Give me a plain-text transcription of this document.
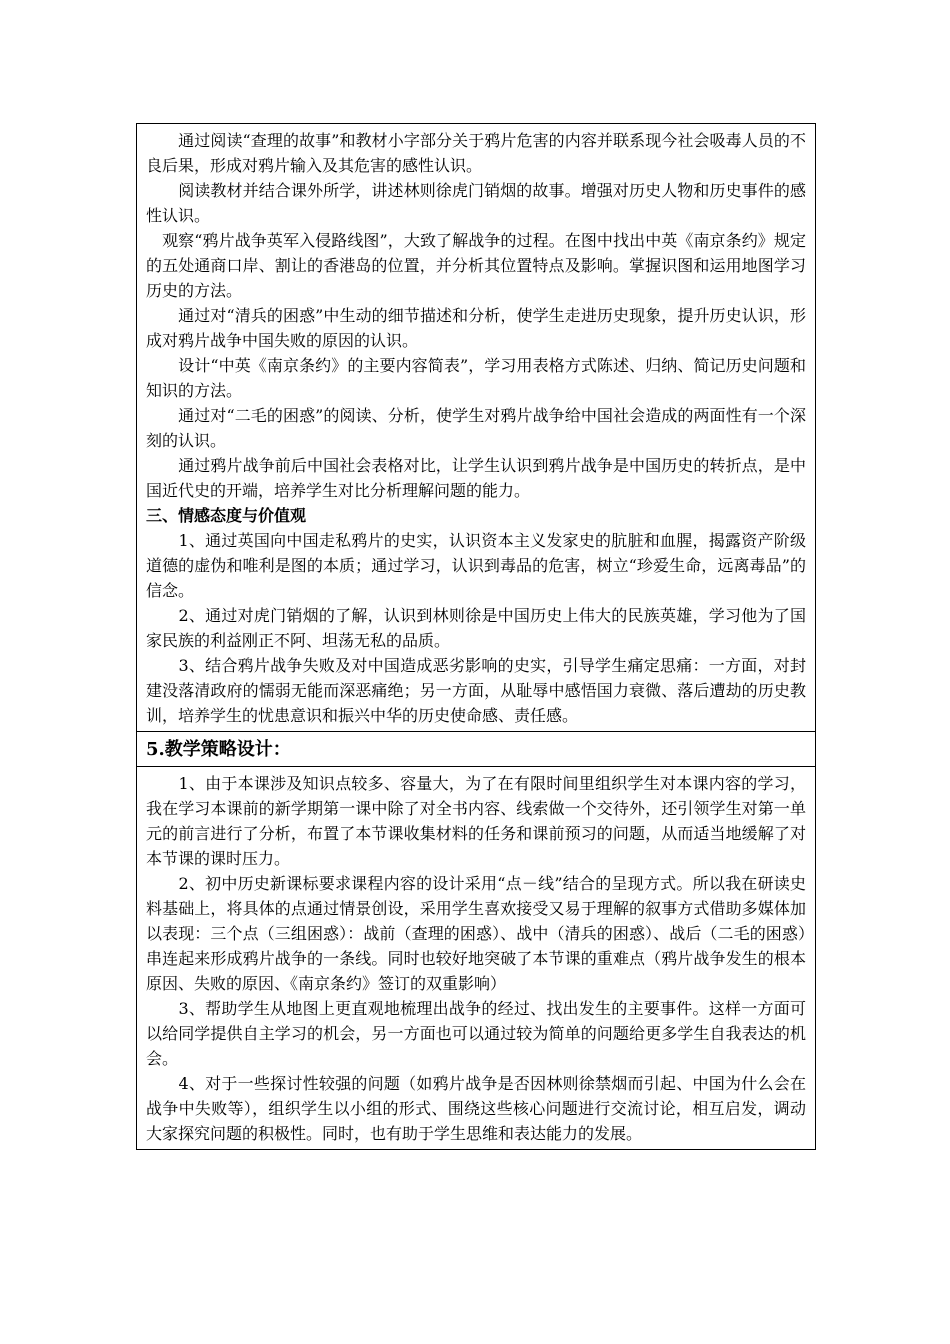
　　通过阅读“查理的故事”和教材小字部分关于鸦片危害的内容并联系现今社会吸毒人员的不良后果，形成对鸦片输入及其危害的感性认识。

　　阅读教材并结合课外所学，讲述林则徐虎门销烟的故事。增强对历史人物和历史事件的感性认识。

　观察“鸦片战争英军入侵路线图”，大致了解战争的过程。在图中找出中英《南京条约》规定的五处通商口岸、割让的香港岛的位置，并分析其位置特点及影响。掌握识图和运用地图学习历史的方法。

　　通过对“清兵的困惑”中生动的细节描述和分析，使学生走进历史现象，提升历史认识，形成对鸦片战争中国失败的原因的认识。

　　设计“中英《南京条约》的主要内容简表”，学习用表格方式陈述、归纳、简记历史问题和知识的方法。

　　通过对“二毛的困惑”的阅读、分析，使学生对鸦片战争给中国社会造成的两面性有一个深刻的认识。

　　通过鸦片战争前后中国社会表格对比，让学生认识到鸦片战争是中国历史的转折点，是中国近代史的开端，培养学生对比分析理解问题的能力。

三、情感态度与价值观

　　1、通过英国向中国走私鸦片的史实，认识资本主义发家史的肮脏和血腥，揭露资产阶级道德的虚伪和唯利是图的本质；通过学习，认识到毒品的危害，树立“珍爱生命，远离毒品”的信念。

　　2、通过对虎门销烟的了解，认识到林则徐是中国历史上伟大的民族英雄，学习他为了国家民族的利益刚正不阿、坦荡无私的品质。

　　3、结合鸦片战争失败及对中国造成恶劣影响的史实，引导学生痛定思痛：一方面，对封建没落清政府的懦弱无能而深恶痛绝；另一方面，从耻辱中感悟国力衰微、落后遭劫的历史教训，培养学生的忧患意识和振兴中华的历史使命感、责任感。

5.教学策略设计：

　　1、由于本课涉及知识点较多、容量大，为了在有限时间里组织学生对本课内容的学习，我在学习本课前的新学期第一课中除了对全书内容、线索做一个交待外，还引领学生对第一单元的前言进行了分析，布置了本节课收集材料的任务和课前预习的问题，从而适当地缓解了对本节课的课时压力。

　　2、初中历史新课标要求课程内容的设计采用“点－线”结合的呈现方式。所以我在研读史料基础上，将具体的点通过情景创设，采用学生喜欢接受又易于理解的叙事方式借助多媒体加以表现：三个点（三组困惑）：战前（查理的困惑）、战中（清兵的困惑）、战后（二毛的困惑）串连起来形成鸦片战争的一条线。同时也较好地突破了本节课的重难点（鸦片战争发生的根本原因、失败的原因、《南京条约》签订的双重影响）

　　3、帮助学生从地图上更直观地梳理出战争的经过、找出发生的主要事件。这样一方面可以给同学提供自主学习的机会，另一方面也可以通过较为简单的问题给更多学生自我表达的机会。

　　4、对于一些探讨性较强的问题（如鸦片战争是否因林则徐禁烟而引起、中国为什么会在战争中失败等），组织学生以小组的形式、围绕这些核心问题进行交流讨论，相互启发，调动大家探究问题的积极性。同时，也有助于学生思维和表达能力的发展。
